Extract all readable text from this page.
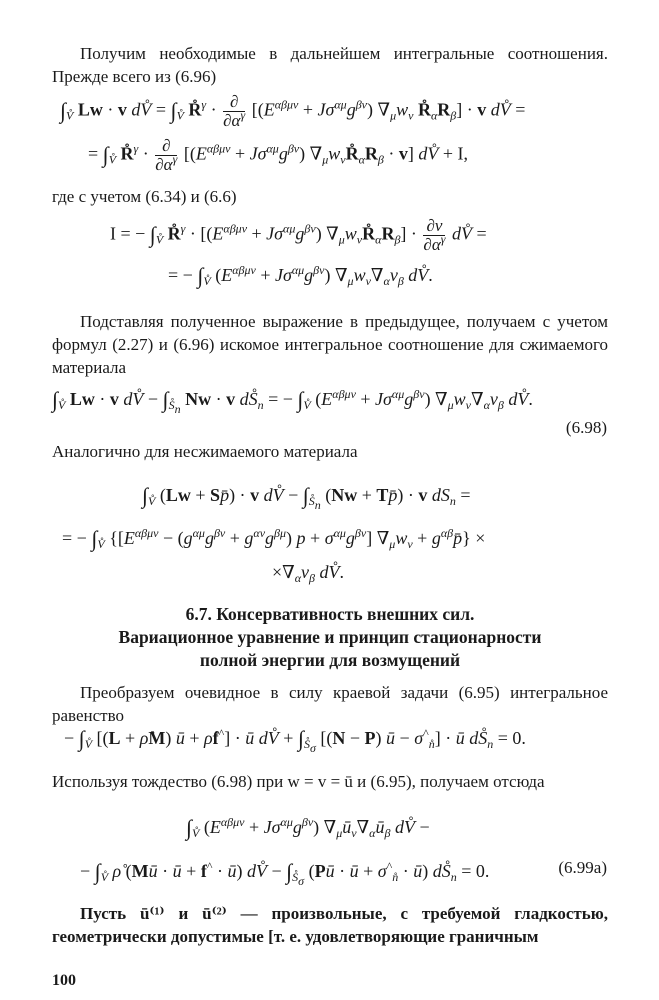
Получим необходимые в дальнейшем интегральные соотношения. Прежде всего из (6.96)
$\int_{V̊}$ Lw · v dV̊ = $\int_{V̊}$ R̊$^\gamma$ · $\frac{\partial}{\partial\alpha^\gamma} [(E^{\alpha\beta\mu\nu} + J\sigma^{\alpha\mu}g^{\beta\nu})$ $\nabla_\mu w_\nu$ $R̊_\alpha R_\beta] \cdot v$ dV̊ =
= $\int_{V̊}$ R̊$^\gamma$ · $\frac{\partial}{\partial\alpha^\gamma} [(E^{\alpha\beta\mu\nu} + J\sigma^{\alpha\mu}g^{\beta\nu})$ $\nabla_\mu w_\nu R̊_\alpha R_\beta \cdot v$] dV̊ + I,
где с учетом (6.34) и (6.6)
I = − $\int_{V̊}$ R̊$^\gamma$ · [$(E^{\alpha\beta\mu\nu} + J\sigma^{\alpha\mu}g^{\beta\nu})$ $\nabla_\mu w_\nu R̊_\alpha R_\beta] \cdot \frac{\partial v}{\partial\alpha^\gamma}$ dV̊ =
= − $\int_{V̊}$ $(E^{\alpha\beta\mu\nu} + J\sigma^{\alpha\mu}g^{\beta\nu})$ $\nabla_\mu w_\nu\nabla_\alpha v_\beta$ dV̊.
Подставляя полученное выражение в предыдущее, получаем с учетом формул (2.27) и (6.96) искомое интегральное соотношение для сжимаемого материала
$\int_{V̊}$ Lw · v dV̊ − $\int_{S̊_n}$ Nw · v $dS̊_n$ = − $\int_{V̊}$ $(E^{\alpha\beta\mu\nu} + J\sigma^{\alpha\mu}g^{\beta\nu})$ $\nabla_\mu w_\nu\nabla_\alpha v_\beta$ dV̊.
(6.98)
Аналогично для несжимаемого материала
$\int_{V̊}$ (Lw + Sp̄) · v dV̊ − $\int_{S̊_n}$ (Nw + Tp̄) · v $dS_n$ =
= − $\int_{V̊}$ {$[E^{\alpha\beta\mu\nu} - (g^{\alpha\mu}g^{\beta\nu} + g^{\alpha\nu}g^{\beta\mu}) p + \sigma^{\alpha\mu}g^{\beta\nu}] \nabla_\mu w_\nu$ + $g^{\alpha\beta}p̄$} ×
$\times\nabla_\alpha v_\beta$ dV̊.
6.7. Консервативность внешних сил.
Вариационное уравнение и принцип стационарности
полной энергии для возмущений
Преобразуем очевидное в силу краевой задачи (6.95) интегральное равенство
− $\int_{V̊}$ [(L + ρ̊M) ū + ρ̊f^] · ū dV̊ + $\int_{S̊_\sigma}$ [(N − P) ū − $\sigma^{\^{}}_{n̊}$] · ū $dS̊_n = 0$.
Используя тождество (6.98) при w = v = ū и (6.95), получаем отсюда
$\int_{V̊}$ $(E^{\alpha\beta\mu\nu} + J\sigma^{\alpha\mu}g^{\beta\nu})$ $\nabla_\mu ū_\nu\nabla_\alpha ū_\beta$ dV̊ −
− $\int_{V̊}$ ρ̊ (Mū · ū + f^ · ū) dV̊ − $\int_{S̊_\sigma}$ (Pū · ū + $\sigma^{\^{}}_{n̊}$ · ū) $dS̊_n = 0$.	(6.99а)
Пусть ū⁽¹⁾ и ū⁽²⁾ — произвольные, с требуемой гладкостью, геометрически допустимые [т. е. удовлетворяющие граничным
100
